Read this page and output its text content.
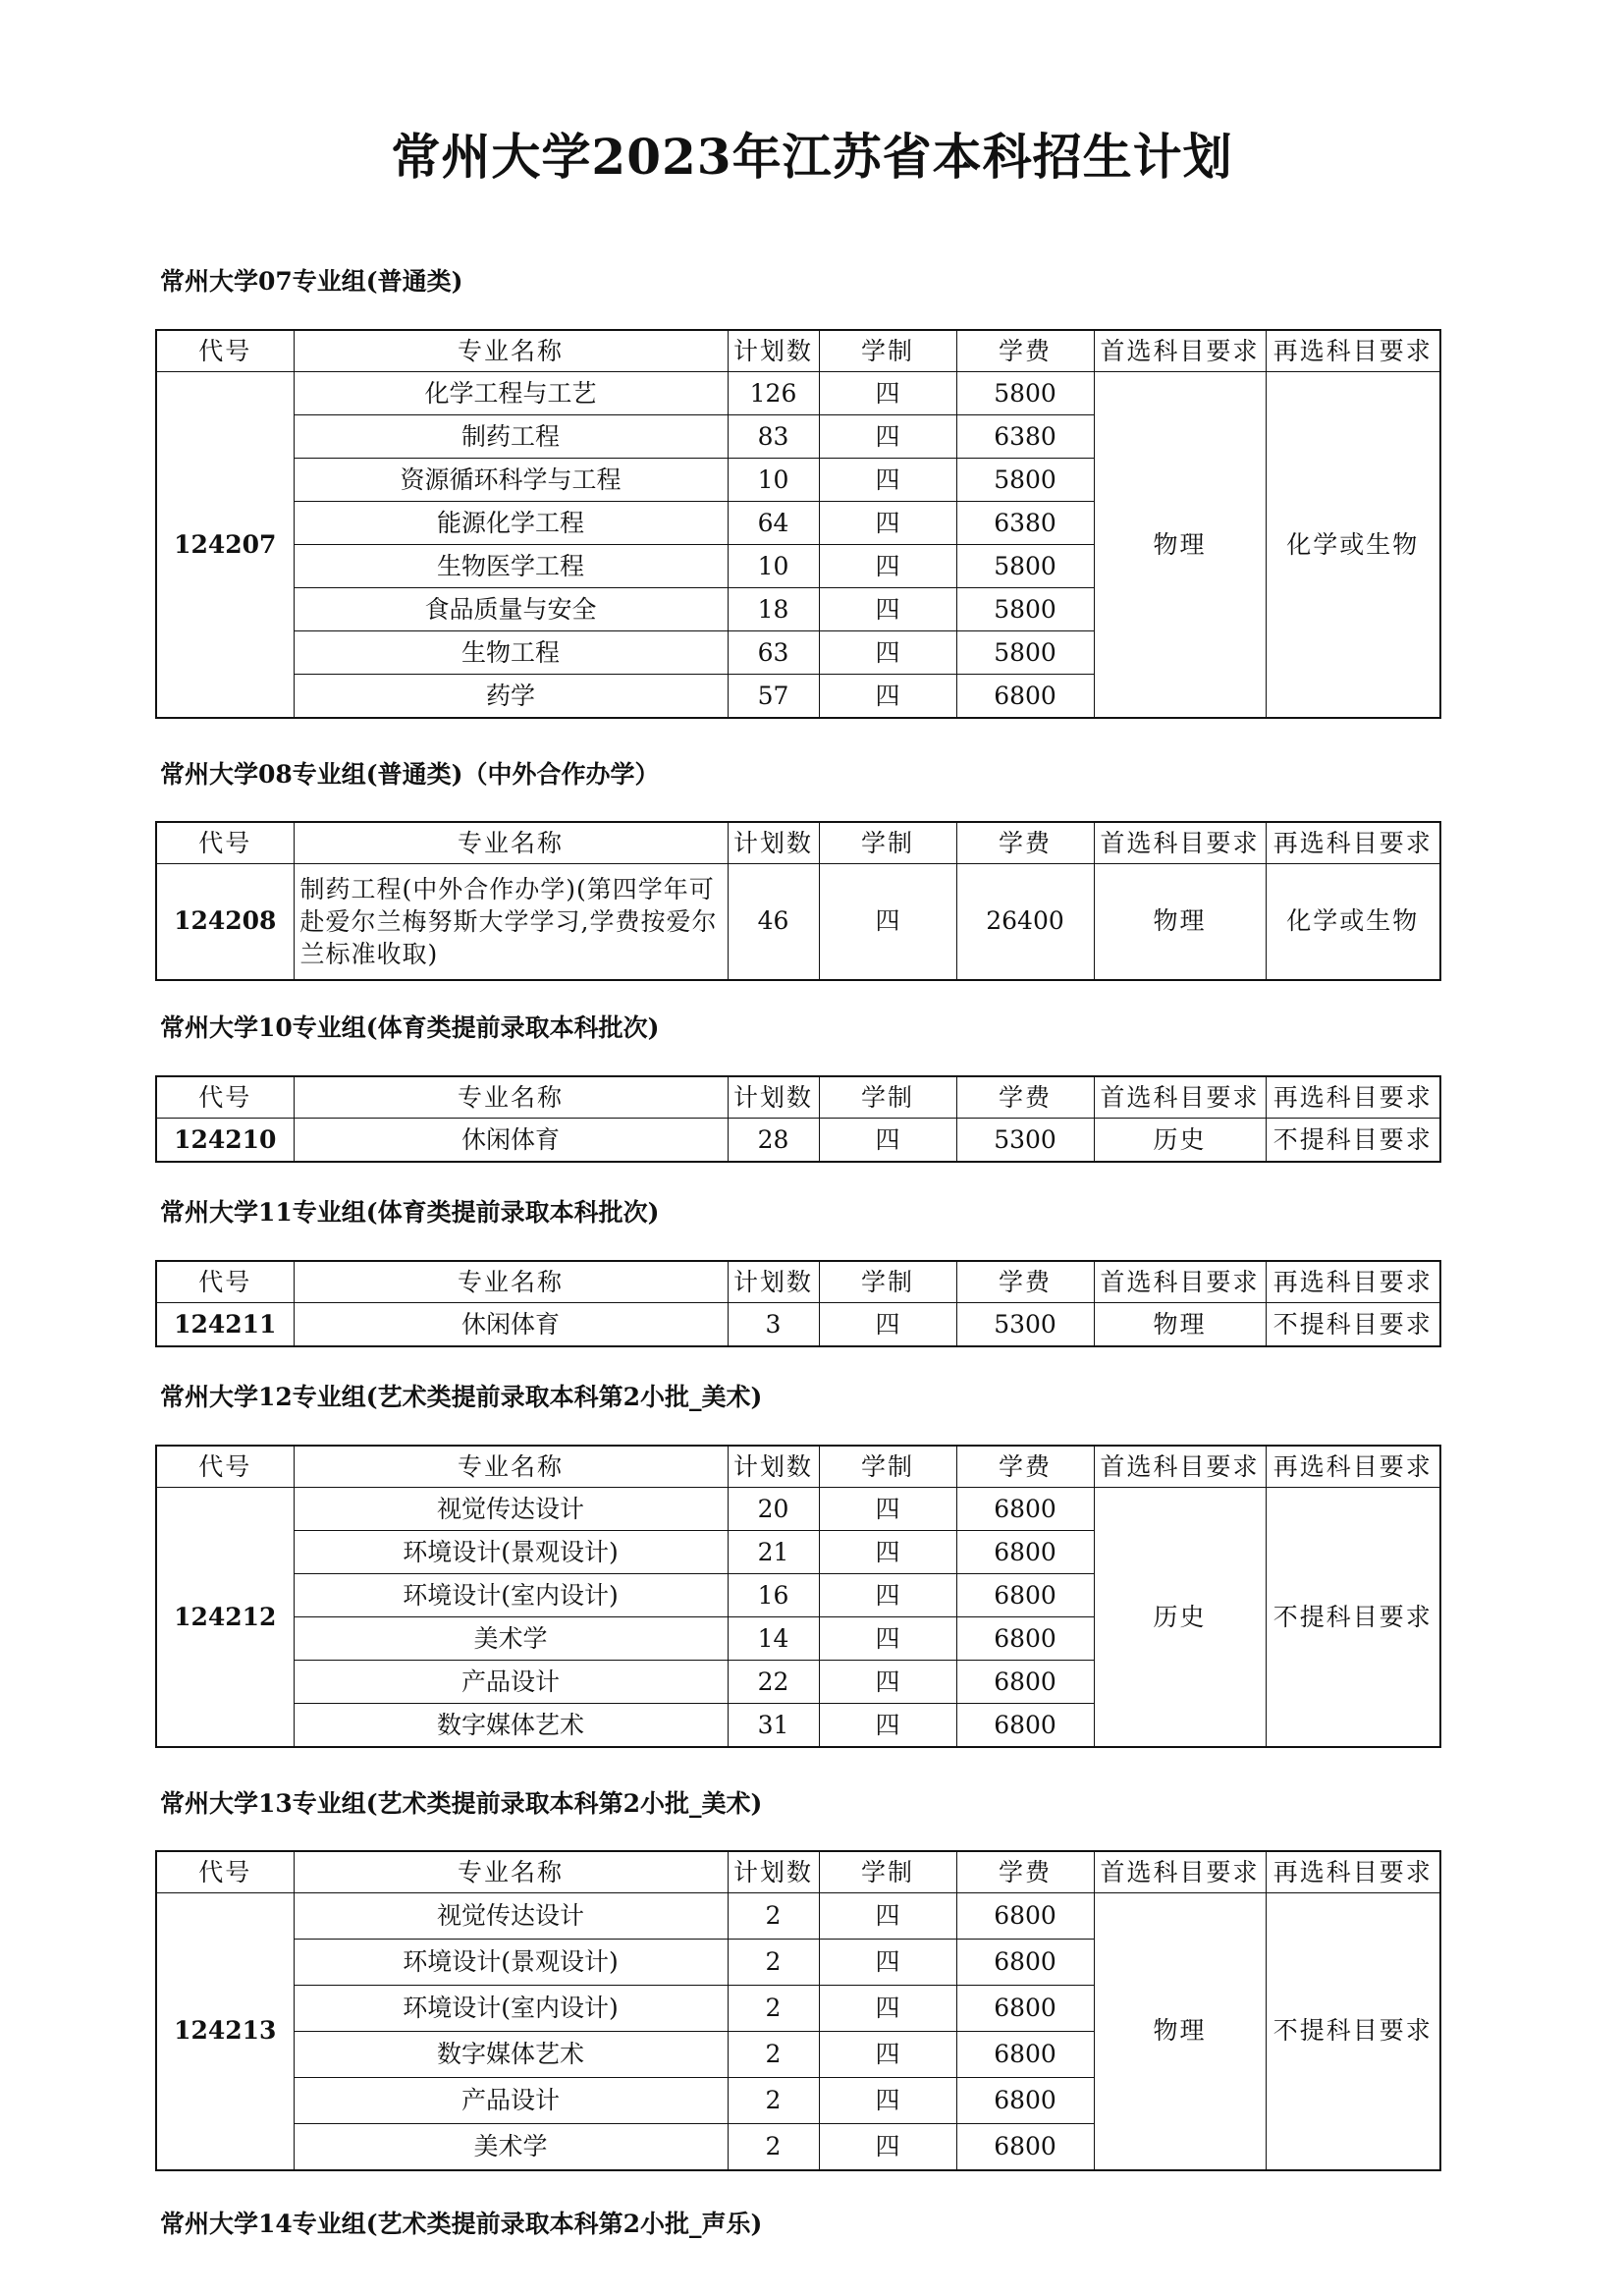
常州大学2023年江苏省本科招生计划
常州大学07专业组(普通类)
代号	专业名称	计划数	学制	学费	首选科目要求	再选科目要求
124207	化学工程与工艺	126	四	5800	物理	化学或生物
	制药工程	83	四	6380		
	资源循环科学与工程	10	四	5800		
	能源化学工程	64	四	6380		
	生物医学工程	10	四	5800		
	食品质量与安全	18	四	5800		
	生物工程	63	四	5800		
	药学	57	四	6800		
常州大学08专业组(普通类)（中外合作办学）
代号	专业名称	计划数	学制	学费	首选科目要求	再选科目要求
124208	制药工程(中外合作办学)(第四学年可赴爱尔兰梅努斯大学学习,学费按爱尔兰标准收取)	46	四	26400	物理	化学或生物
常州大学10专业组(体育类提前录取本科批次)
代号	专业名称	计划数	学制	学费	首选科目要求	再选科目要求
124210	休闲体育	28	四	5300	历史	不提科目要求
常州大学11专业组(体育类提前录取本科批次)
代号	专业名称	计划数	学制	学费	首选科目要求	再选科目要求
124211	休闲体育	3	四	5300	物理	不提科目要求
常州大学12专业组(艺术类提前录取本科第2小批_美术)
代号	专业名称	计划数	学制	学费	首选科目要求	再选科目要求
124212	视觉传达设计	20	四	6800	历史	不提科目要求
	环境设计(景观设计)	21	四	6800		
	环境设计(室内设计)	16	四	6800		
	美术学	14	四	6800		
	产品设计	22	四	6800		
	数字媒体艺术	31	四	6800		
常州大学13专业组(艺术类提前录取本科第2小批_美术)
代号	专业名称	计划数	学制	学费	首选科目要求	再选科目要求
124213	视觉传达设计	2	四	6800	物理	不提科目要求
	环境设计(景观设计)	2	四	6800		
	环境设计(室内设计)	2	四	6800		
	数字媒体艺术	2	四	6800		
	产品设计	2	四	6800		
	美术学	2	四	6800		
常州大学14专业组(艺术类提前录取本科第2小批_声乐)
